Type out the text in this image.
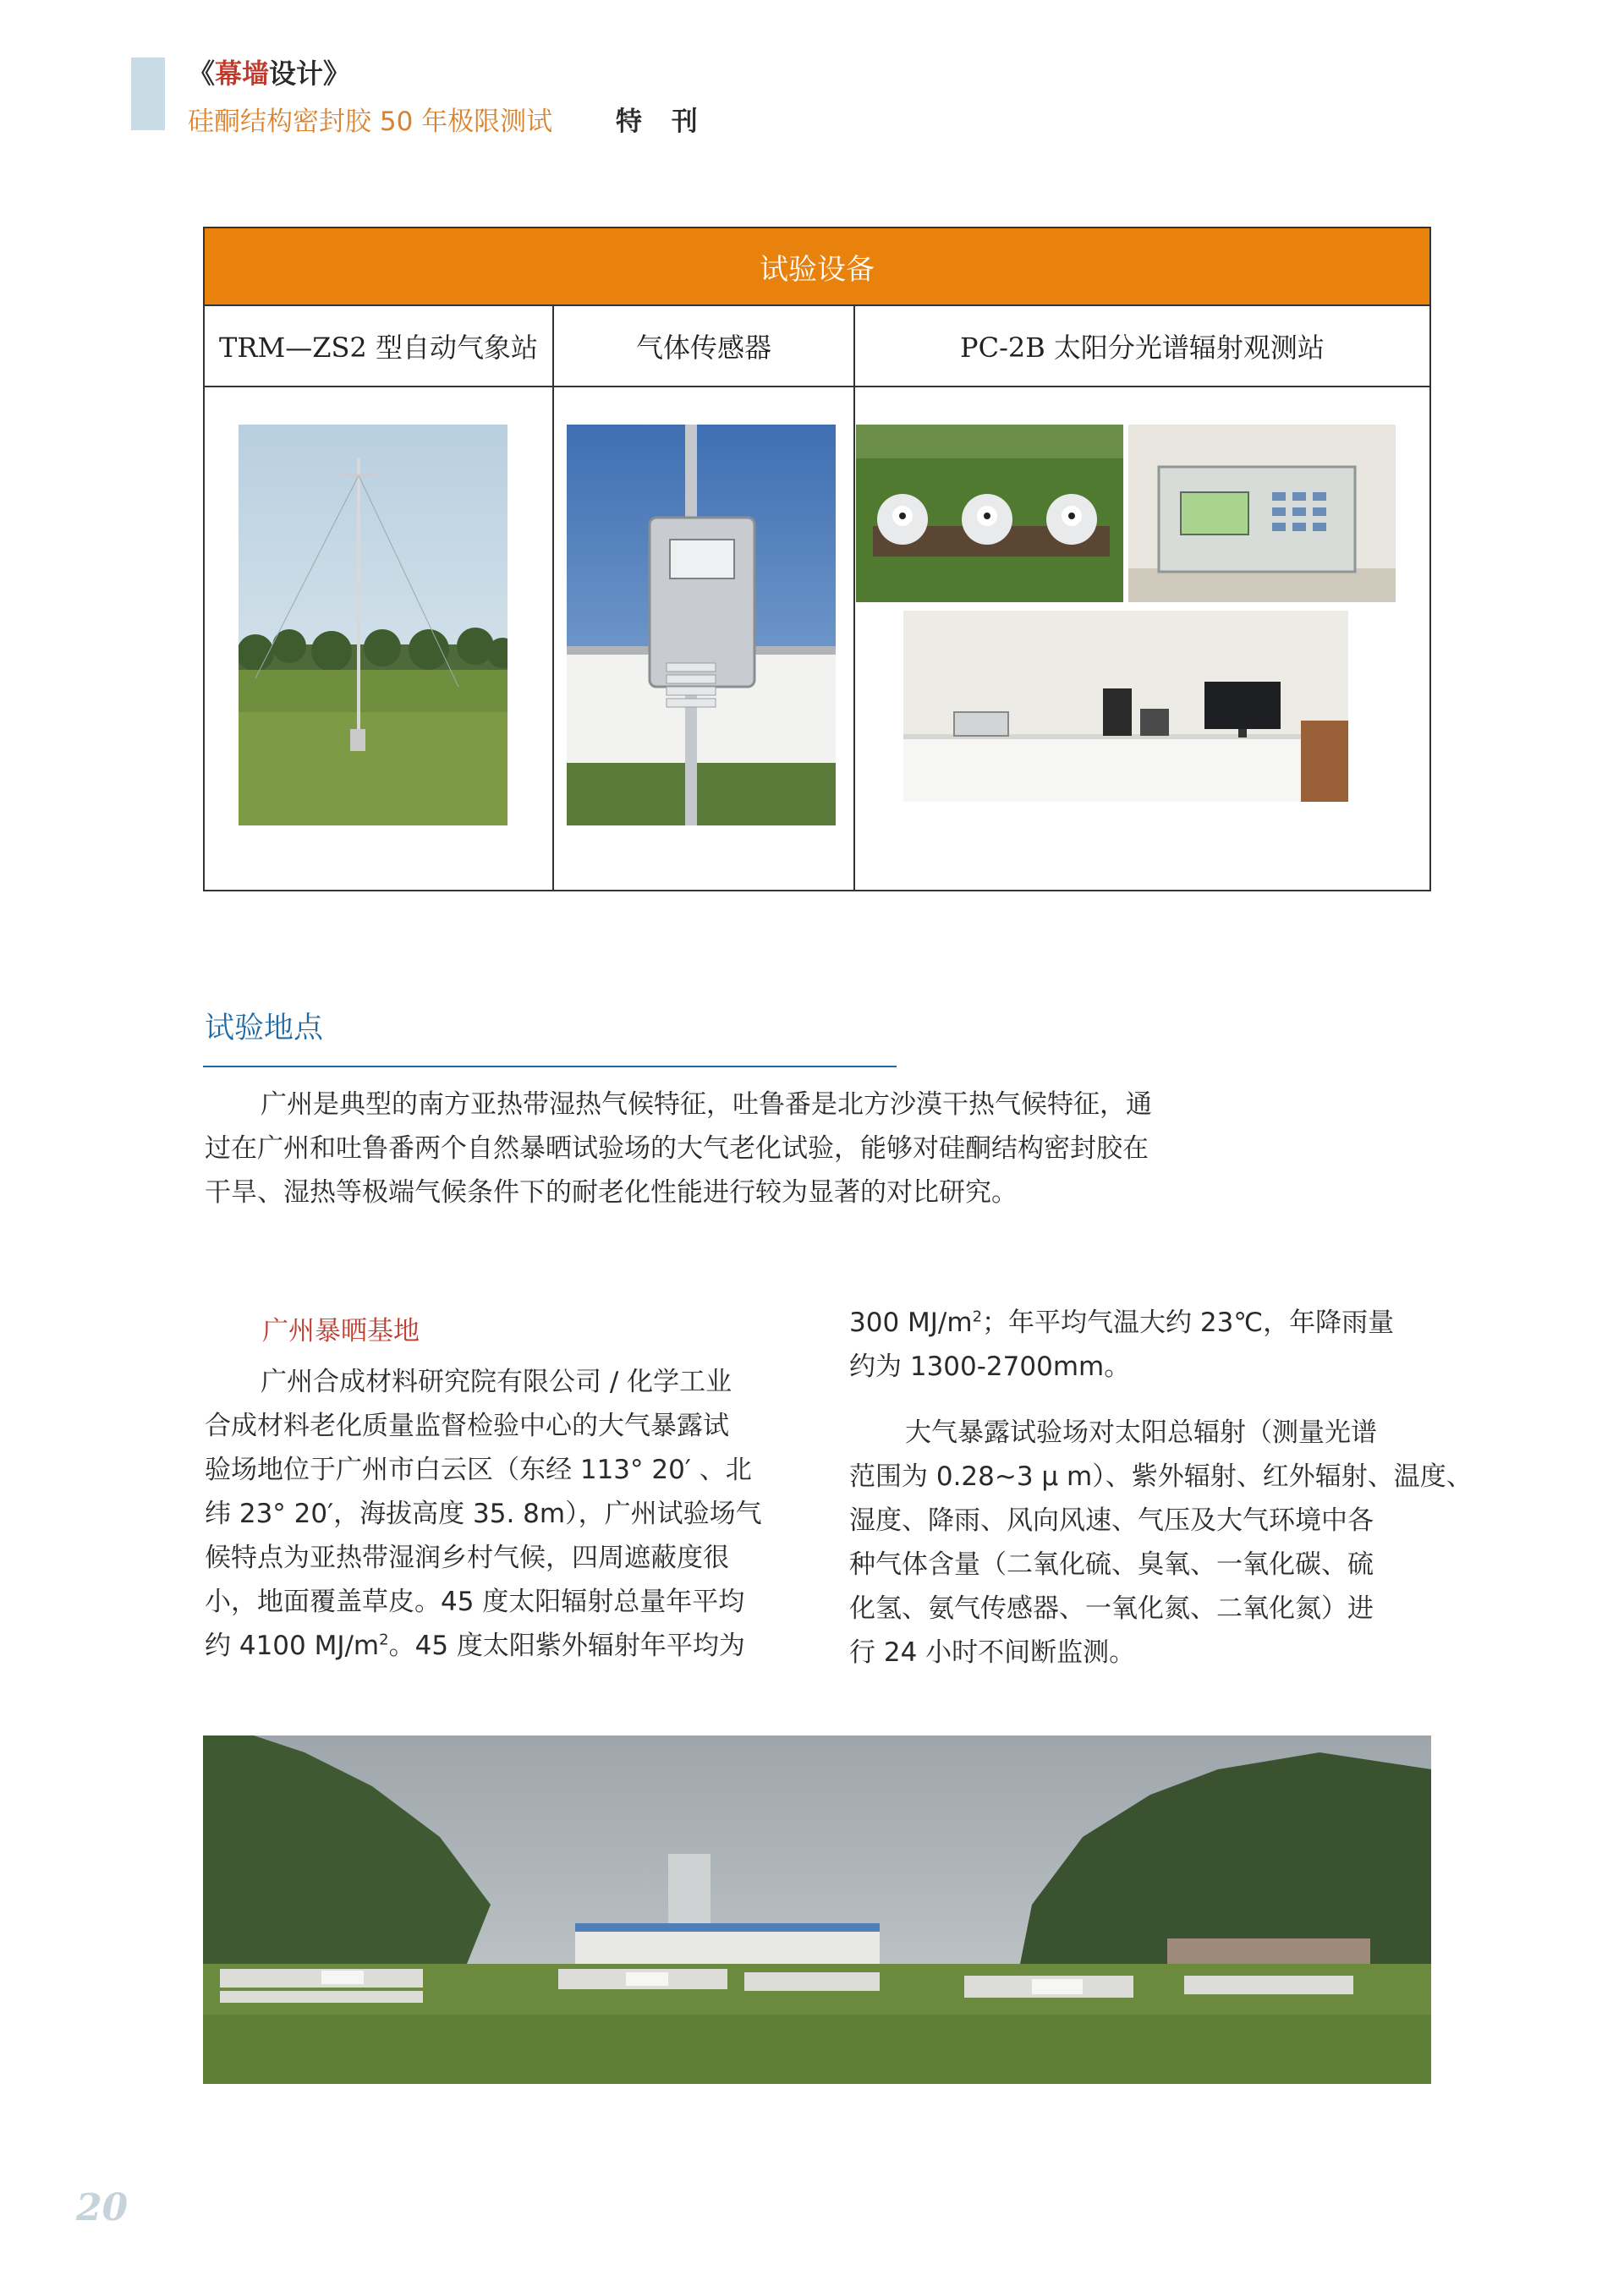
《幕墙设计》
硅酮结构密封胶 50 年极限测试 特 刊
试验设备
TRM—ZS2 型自动气象站	气体传感器	PC-2B 太阳分光谱辐射观测站
试验地点
广州是典型的南方亚热带湿热气候特征，吐鲁番是北方沙漠干热气候特征，通
过在广州和吐鲁番两个自然暴晒试验场的大气老化试验，能够对硅酮结构密封胶在
干旱、湿热等极端气候条件下的耐老化性能进行较为显著的对比研究。
广州暴晒基地
广州合成材料研究院有限公司 / 化学工业
合成材料老化质量监督检验中心的大气暴露试
验场地位于广州市白云区（东经 113° 20′ 、北
纬 23° 20′，海拔高度 35. 8m），广州试验场气
候特点为亚热带湿润乡村气候，四周遮蔽度很
小，地面覆盖草皮。45 度太阳辐射总量年平均
约 4100 $MJ/m^2$。45 度太阳紫外辐射年平均为
300 $MJ/m^2$；年平均气温大约 23℃，年降雨量
约为 1300-2700mm。
大气暴露试验场对太阳总辐射（测量光谱
范围为 0.28~3 μ m）、紫外辐射、红外辐射、温度、
湿度、降雨、风向风速、气压及大气环境中各
种气体含量（二氧化硫、臭氧、一氧化碳、硫
化氢、氨气传感器、一氧化氮、二氧化氮）进
行 24 小时不间断监测。
20
